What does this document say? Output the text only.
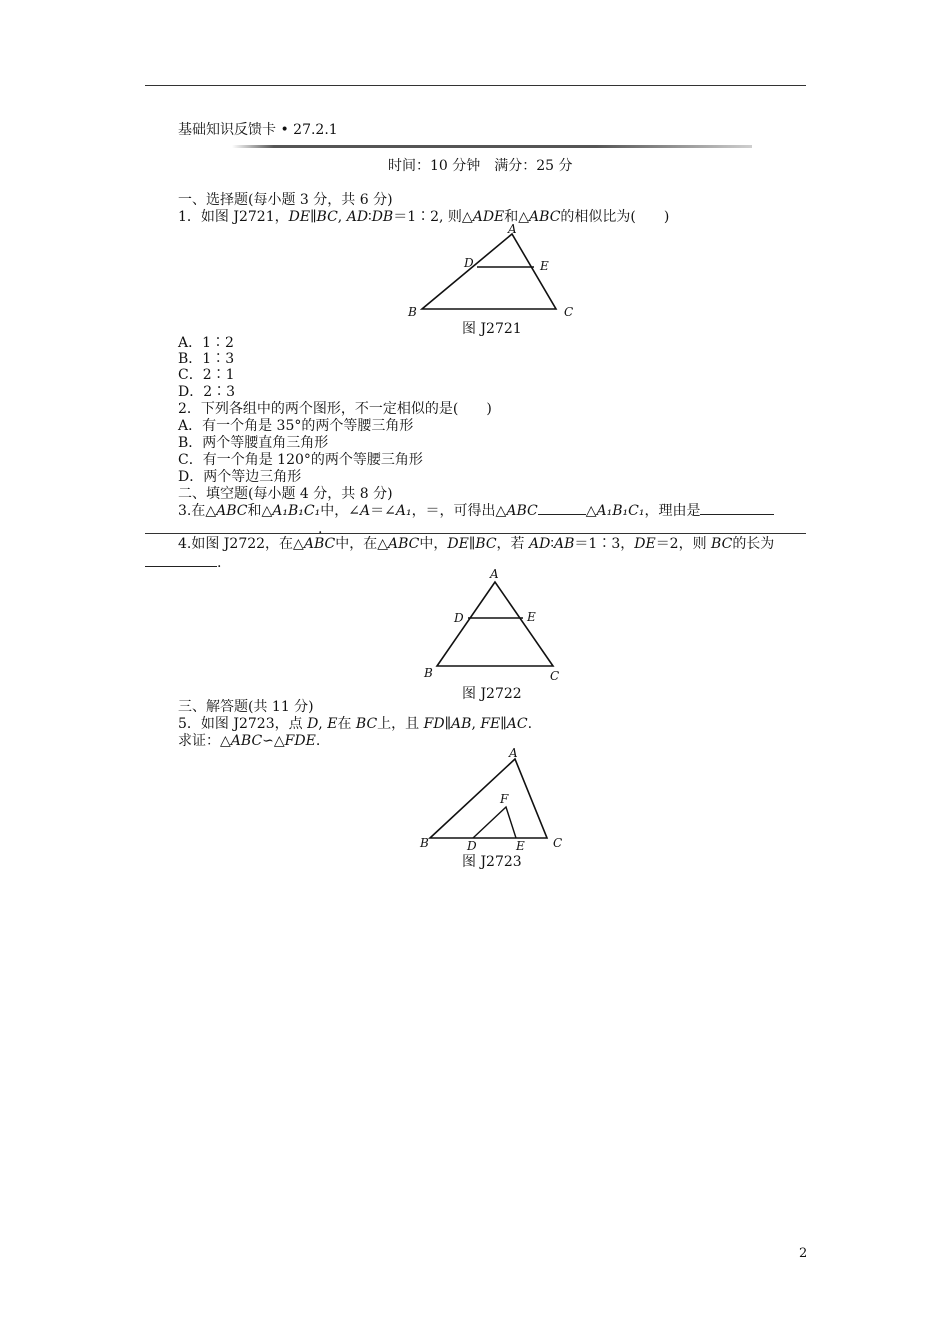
基础知识反馈卡 • 27.2.1
时间：10 分钟　满分：25 分
一、选择题(每小题 3 分，共 6 分)
1．如图 J2721，DE∥BC, AD∶DB＝1∶2, 则△ADE和△ABC的相似比为(　　)
A
D	E
B	C
图 J2721
A．1∶2
B．1∶3
C．2∶1
D．2∶3
2．下列各组中的两个图形，不一定相似的是(　　)
A．有一个角是 35°的两个等腰三角形
B．两个等腰直角三角形
C．有一个角是 120°的两个等腰三角形
D．两个等边三角形
二、填空题(每小题 4 分，共 8 分)
3.在△ABC和△A₁B₁C₁中，∠A＝∠A₁，＝，可得出△ABC	△A₁B₁C₁，理由是
.
4.如图 J2722，在△ABC中，在△ABC中，DE∥BC，若 AD∶AB＝1∶3，DE＝2，则 BC的长为
.
A
D	E
B	C
图 J2722
三、解答题(共 11 分)
5．如图 J2723，点 D, E在 BC上，且 FD∥AB, FE∥AC.
求证：△ABC∽△FDE.
A
F
B	D	E C
图 J2723
2
